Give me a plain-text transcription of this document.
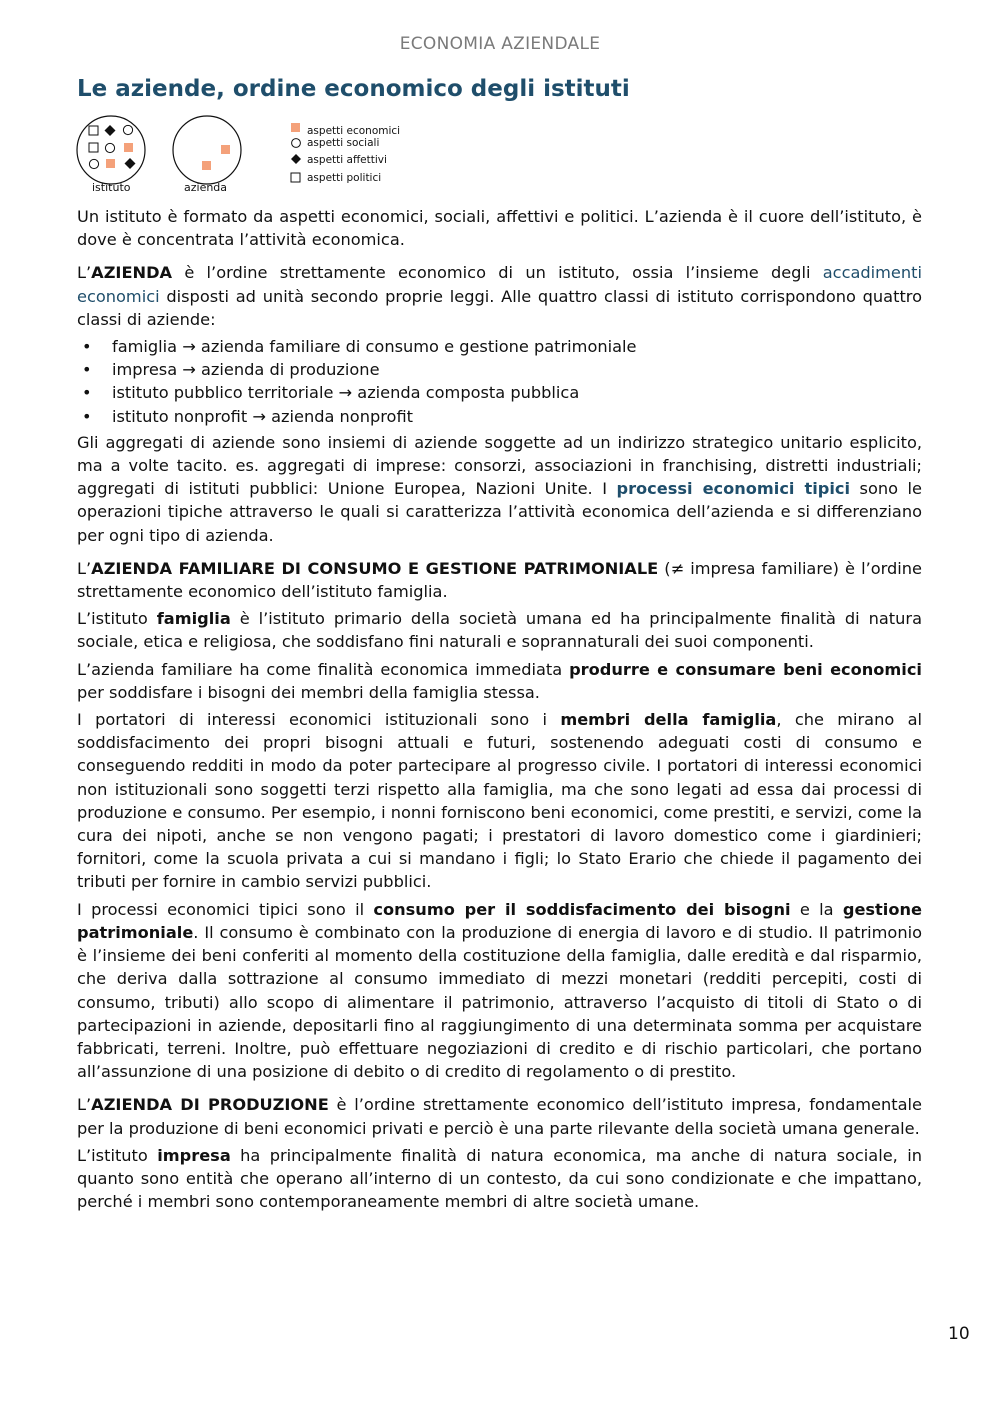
ECONOMIA AZIENDALE
Le aziende, ordine economico degli istituti
istituto	azienda
aspetti economici
aspetti sociali
aspetti affettivi
aspetti politici

Un istituto è formato da aspetti economici, sociali, affettivi e politici. L’azienda è il cuore dell’istituto, è dove è concentrata l’attività economica.

L’AZIENDA è l’ordine strettamente economico di un istituto, ossia l’insieme degli accadimenti economici disposti ad unità secondo proprie leggi. Alle quattro classi di istituto corrispondono quattro classi di aziende:

• famiglia → azienda familiare di consumo e gestione patrimoniale
• impresa → azienda di produzione
• istituto pubblico territoriale → azienda composta pubblica
• istituto nonprofit → azienda nonprofit

Gli aggregati di aziende sono insiemi di aziende soggette ad un indirizzo strategico unitario esplicito, ma a volte tacito. es. aggregati di imprese: consorzi, associazioni in franchising, distretti industriali; aggregati di istituti pubblici: Unione Europea, Nazioni Unite. I processi economici tipici sono le operazioni tipiche attraverso le quali si caratterizza l’attività economica dell’azienda e si differenziano per ogni tipo di azienda.

L’AZIENDA FAMILIARE DI CONSUMO E GESTIONE PATRIMONIALE (≠ impresa familiare) è l’ordine strettamente economico dell’istituto famiglia.

L’istituto famiglia è l’istituto primario della società umana ed ha principalmente finalità di natura sociale, etica e religiosa, che soddisfano fini naturali e soprannaturali dei suoi componenti.

L’azienda familiare ha come finalità economica immediata produrre e consumare beni economici per soddisfare i bisogni dei membri della famiglia stessa.

I portatori di interessi economici istituzionali sono i membri della famiglia, che mirano al soddisfacimento dei propri bisogni attuali e futuri, sostenendo adeguati costi di consumo e conseguendo redditi in modo da poter partecipare al progresso civile. I portatori di interessi economici non istituzionali sono soggetti terzi rispetto alla famiglia, ma che sono legati ad essa dai processi di produzione e consumo. Per esempio, i nonni forniscono beni economici, come prestiti, e servizi, come la cura dei nipoti, anche se non vengono pagati; i prestatori di lavoro domestico come i giardinieri; fornitori, come la scuola privata a cui si mandano i figli; lo Stato Erario che chiede il pagamento dei tributi per fornire in cambio servizi pubblici.

I processi economici tipici sono il consumo per il soddisfacimento dei bisogni e la gestione patrimoniale. Il consumo è combinato con la produzione di energia di lavoro e di studio. Il patrimonio è l’insieme dei beni conferiti al momento della costituzione della famiglia, dalle eredità e dal risparmio, che deriva dalla sottrazione al consumo immediato di mezzi monetari (redditi percepiti, costi di consumo, tributi) allo scopo di alimentare il patrimonio, attraverso l’acquisto di titoli di Stato o di partecipazioni in aziende, depositarli fino al raggiungimento di una determinata somma per acquistare fabbricati, terreni. Inoltre, può effettuare negoziazioni di credito e di rischio particolari, che portano all’assunzione di una posizione di debito o di credito di regolamento o di prestito.

L’AZIENDA DI PRODUZIONE è l’ordine strettamente economico dell’istituto impresa, fondamentale per la produzione di beni economici privati e perciò è una parte rilevante della società umana generale.

L’istituto impresa ha principalmente finalità di natura economica, ma anche di natura sociale, in quanto sono entità che operano all’interno di un contesto, da cui sono condizionate e che impattano, perché i membri sono contemporaneamente membri di altre società umane.

10
